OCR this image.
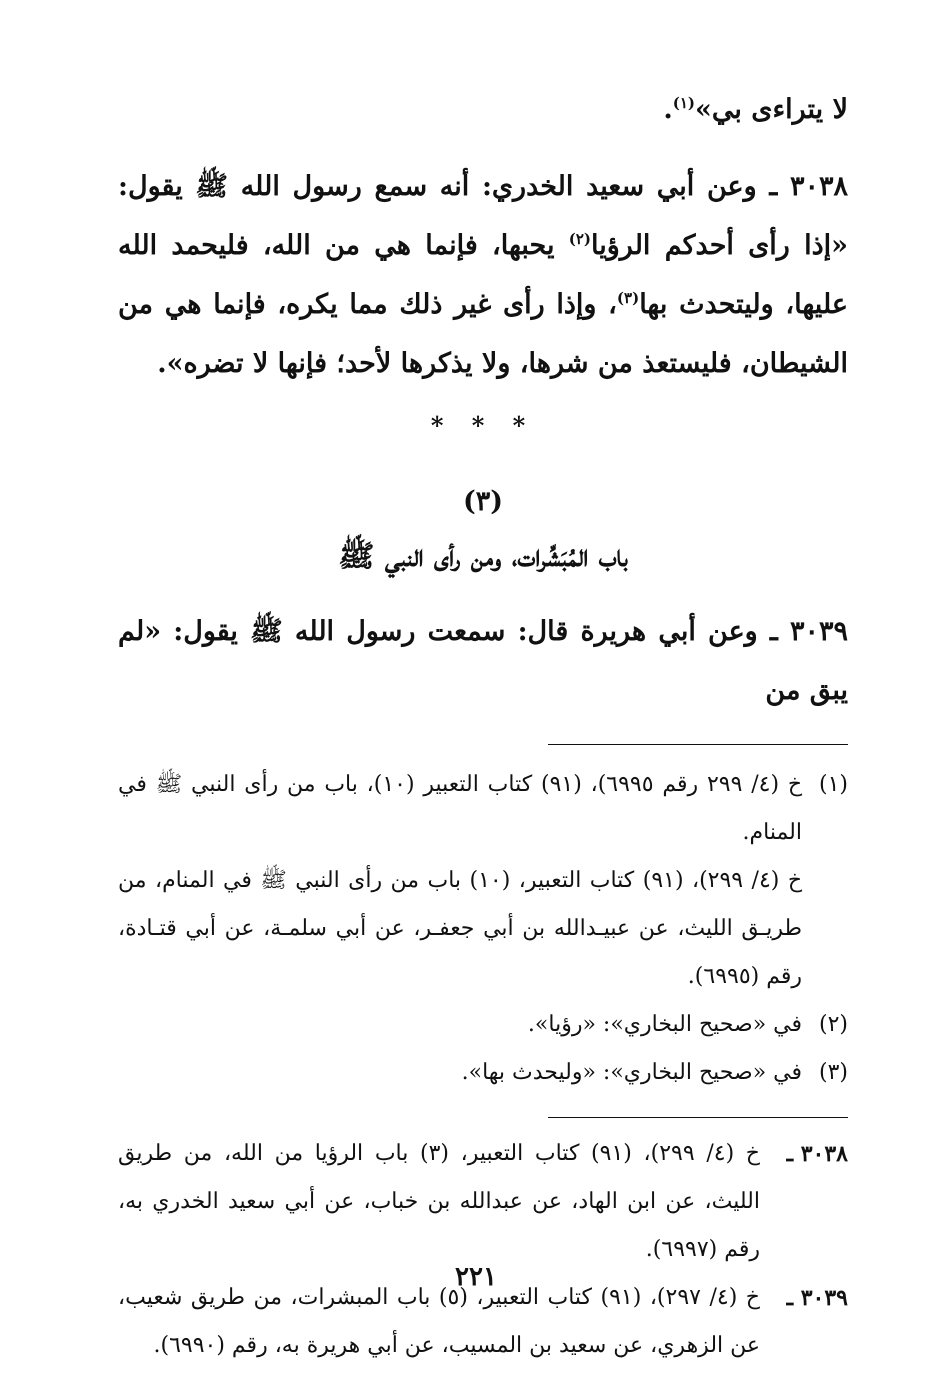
لا يتراءى بي»$^{(١)}$.
٣٠٣٨ ـ وعن أبي سعيد الخدري: أنه سمع رسول الله ﷺ يقول: «إذا رأى أحدكم الرؤيا$^{(٢)}$ يحبها، فإنما هي من الله، فليحمد الله عليها، وليتحدث بها$^{(٣)}$، وإذا رأى غير ذلك مما يكره، فإنما هي من الشيطان، فليستعذ من شرها، ولا يذكرها لأحد؛ فإنها لا تضره».
* * *
(٣)
باب المُبَشِّرات، ومن رأى النبي ﷺ
٣٠٣٩ ـ وعن أبي هريرة قال: سمعت رسول الله ﷺ يقول: «لم يبق من
(١)
خ (٤/ ٢٩٩ رقم ٦٩٩٥)، (٩١) كتاب التعبير (١٠)، باب من رأى النبي ﷺ في المنام.
خ (٤/ ٢٩٩)، (٩١) كتاب التعبير، (١٠) باب من رأى النبي ﷺ في المنام، من طريـق الليث، عن عبيـدالله بن أبي جعفـر، عن أبي سلمـة، عن أبي قتـادة، رقم (٦٩٩٥).
(٢)
في «صحيح البخاري»: «رؤيا».
(٣)
في «صحيح البخاري»: «وليحدث بها».
٣٠٣٨ ـ
خ (٤/ ٢٩٩)، (٩١) كتاب التعبير، (٣) باب الرؤيا من الله، من طريق الليث، عن ابن الهاد، عن عبدالله بن خباب، عن أبي سعيد الخدري به، رقم (٦٩٩٧).
٣٠٣٩ ـ
خ (٤/ ٢٩٧)، (٩١) كتاب التعبير، (٥) باب المبشرات، من طريق شعيب، عن الزهري، عن سعيد بن المسيب، عن أبي هريرة به، رقم (٦٩٩٠).
٢٢١
